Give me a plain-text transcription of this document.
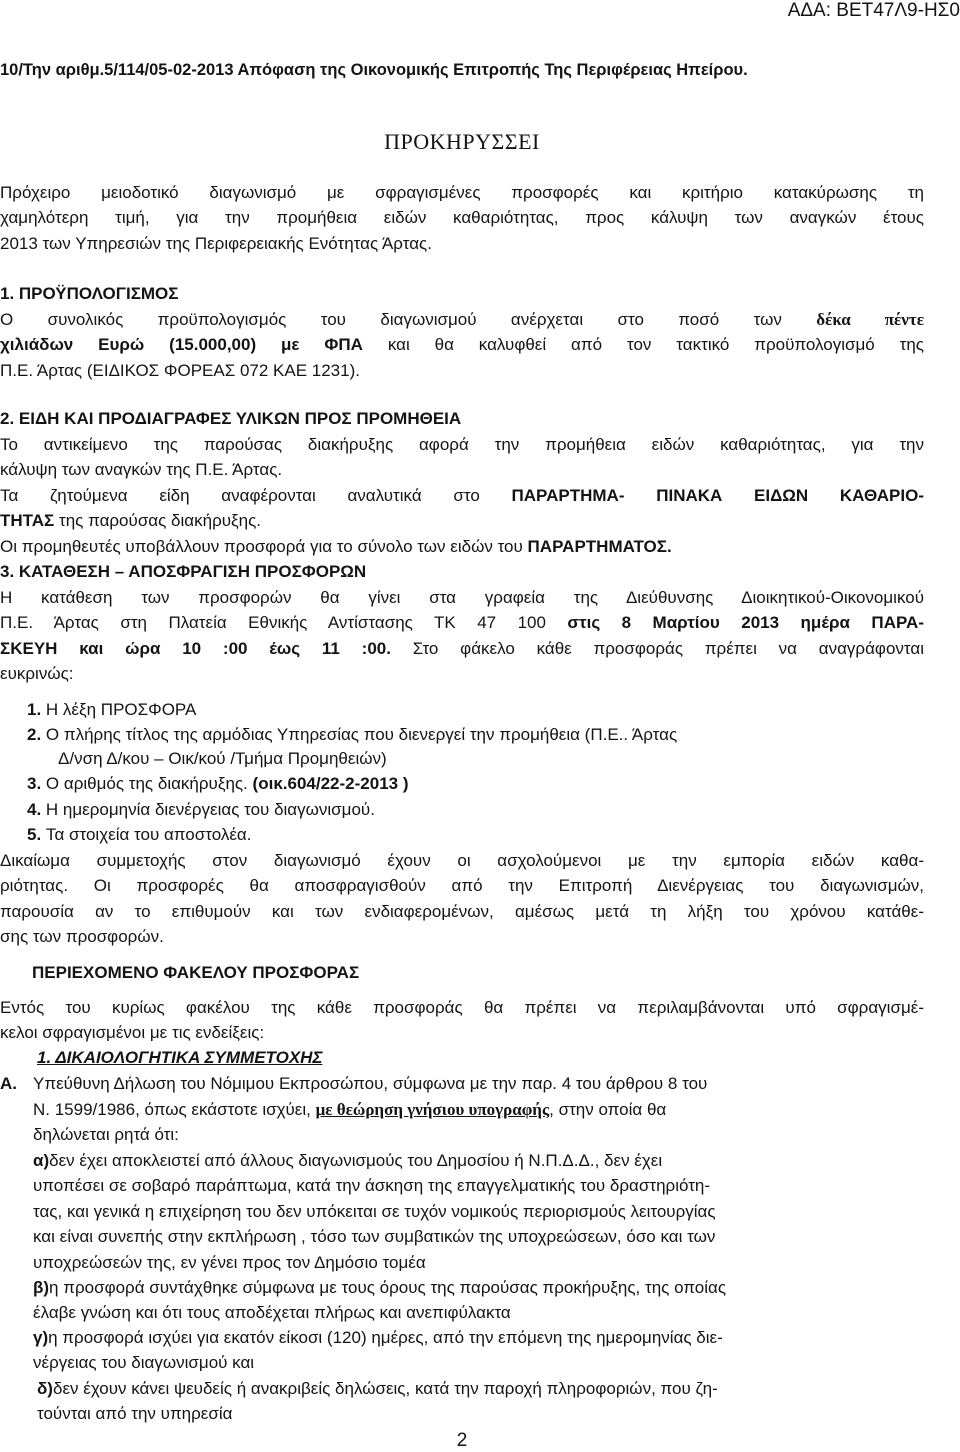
ΑΔΑ: ΒΕΤ47Λ9-ΗΣ0
10/Την αριθμ.5/114/05-02-2013 Απόφαση της Οικονομικής Επιτροπής Της Περιφέρειας Ηπείρου.
ΠΡΟΚΗΡΥΣΣΕΙ
Πρόχειρο μειοδοτικό διαγωνισμό με σφραγισμένες προσφορές και κριτήριο κατακύρωσης τη
χαμηλότερη τιμή, για την προμήθεια ειδών καθαριότητας, προς κάλυψη των αναγκών έτους
2013 των Υπηρεσιών της Περιφερειακής Ενότητας Άρτας.
1. ΠΡΟΫΠΟΛΟΓΙΣΜΟΣ
Ο συνολικός προϋπολογισμός του διαγωνισμού ανέρχεται στο ποσό των δέκα πέντε
χιλιάδων Ευρώ (15.000,00) με ΦΠΑ και θα καλυφθεί από τον τακτικό προϋπολογισμό της
Π.Ε. Άρτας (ΕΙΔΙΚΟΣ ΦΟΡΕΑΣ 072 ΚΑΕ 1231).
2. ΕΙΔΗ ΚΑΙ ΠΡΟΔΙΑΓΡΑΦΕΣ ΥΛΙΚΩΝ ΠΡΟΣ ΠΡΟΜΗΘΕΙΑ
Το αντικείμενο της παρούσας διακήρυξης αφορά την προμήθεια ειδών καθαριότητας, για την
κάλυψη των αναγκών της Π.Ε. Άρτας.
Τα ζητούμενα είδη αναφέρονται αναλυτικά στο ΠΑΡΑΡΤΗΜΑ- ΠΙΝΑΚΑ ΕΙΔΩΝ ΚΑΘΑΡΙΟ-
ΤΗΤΑΣ της παρούσας διακήρυξης.
Οι προμηθευτές υποβάλλουν προσφορά για το σύνολο των ειδών του ΠΑΡΑΡΤΗΜΑΤΟΣ.
3. ΚΑΤΑΘΕΣΗ – ΑΠΟΣΦΡΑΓΙΣΗ ΠΡΟΣΦΟΡΩΝ
Η κατάθεση των προσφορών θα γίνει στα γραφεία της Διεύθυνσης Διοικητικού-Οικονομικού
Π.Ε. Άρτας στη Πλατεία Εθνικής Αντίστασης ΤΚ 47 100 στις 8 Μαρτίου 2013 ημέρα ΠΑΡΑ-
ΣΚΕΥΗ και ώρα 10 :00 έως 11 :00. Στο φάκελο κάθε προσφοράς πρέπει να αναγράφονται
ευκρινώς:
1. Η λέξη ΠΡΟΣΦΟΡΑ
2. Ο πλήρης τίτλος της αρμόδιας Υπηρεσίας που διενεργεί την προμήθεια (Π.Ε.. Άρτας
Δ/νση Δ/κου – Οικ/κού /Τμήμα Προμηθειών)
3. Ο αριθμός της διακήρυξης. (οικ.604/22-2-2013 )
4. Η ημερομηνία διενέργειας του διαγωνισμού.
5. Τα στοιχεία του αποστολέα.
Δικαίωμα συμμετοχής στον διαγωνισμό έχουν οι ασχολούμενοι με την εμπορία ειδών καθα-
ριότητας. Οι προσφορές θα αποσφραγισθούν από την Επιτροπή Διενέργειας του διαγωνισμών,
παρουσία αν το επιθυμούν και των ενδιαφερομένων, αμέσως μετά τη λήξη του χρόνου κατάθε-
σης των προσφορών.
ΠΕΡΙΕΧΟΜΕΝΟ ΦΑΚΕΛΟΥ ΠΡΟΣΦΟΡΑΣ
Εντός του κυρίως φακέλου της κάθε προσφοράς θα πρέπει να περιλαμβάνονται υπό σφραγισμέ-
κελοι σφραγισμένοι με τις ενδείξεις:
1. ΔΙΚΑΙΟΛΟΓΗΤΙΚΑ ΣΥΜΜΕΤΟΧΗΣ
Α. Υπεύθυνη Δήλωση του Νόμιμου Εκπροσώπου, σύμφωνα με την παρ. 4 του άρθρου 8 του
Ν. 1599/1986, όπως εκάστοτε ισχύει, με θεώρηση γνήσιου υπογραφής, στην οποία θα
δηλώνεται ρητά ότι:
α)δεν έχει αποκλειστεί από άλλους διαγωνισμούς του Δημοσίου ή Ν.Π.Δ.Δ., δεν έχει
υποπέσει σε σοβαρό παράπτωμα, κατά την άσκηση της επαγγελματικής του δραστηριότη-
τας, και γενικά η επιχείρηση του δεν υπόκειται σε τυχόν νομικούς περιορισμούς λειτουργίας
και είναι συνεπής στην εκπλήρωση , τόσο των συμβατικών της υποχρεώσεων, όσο και των
υποχρεώσεών της, εν γένει προς τον Δημόσιο τομέα
β)η προσφορά συντάχθηκε σύμφωνα με τους όρους της παρούσας προκήρυξης, της οποίας
έλαβε γνώση και ότι τους αποδέχεται πλήρως και ανεπιφύλακτα
γ)η προσφορά ισχύει για εκατόν είκοσι (120) ημέρες, από την επόμενη της ημερομηνίας διε-
νέργειας του διαγωνισμού και
δ)δεν έχουν κάνει ψευδείς ή ανακριβείς δηλώσεις, κατά την παροχή πληροφοριών, που ζη-
τούνται από την υπηρεσία
2
